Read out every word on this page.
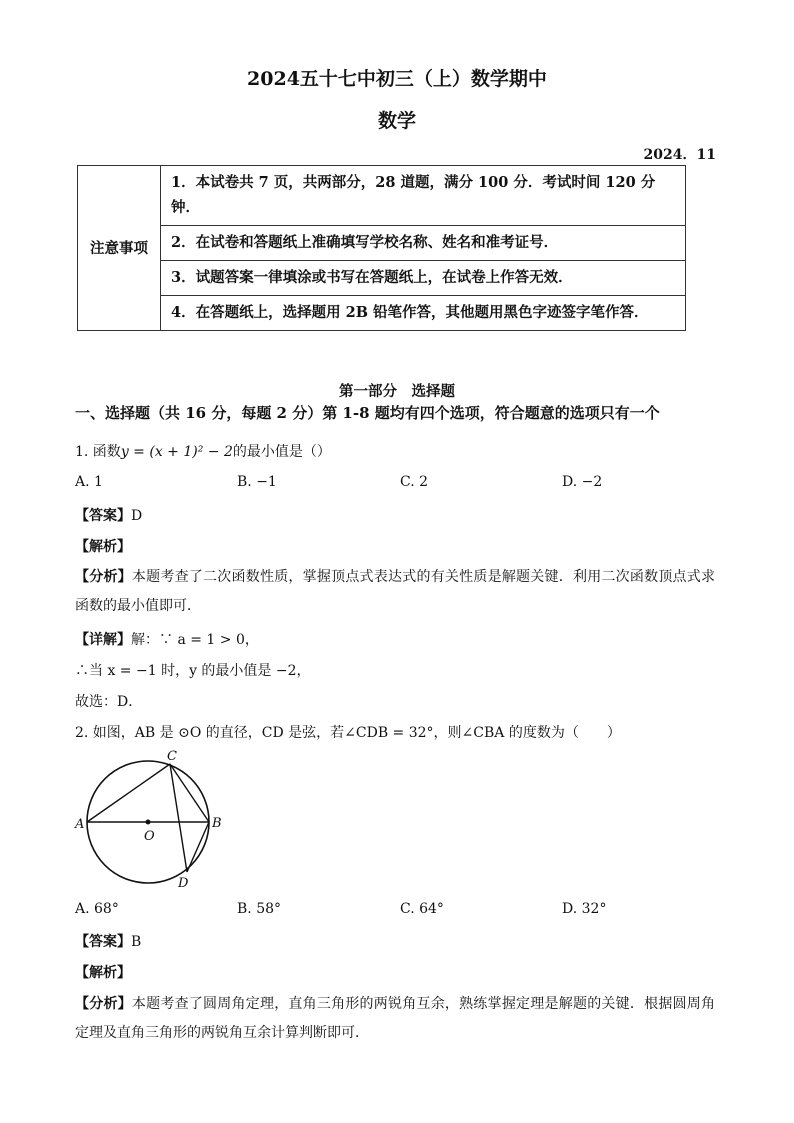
2024五十七中初三（上）数学期中
数学
2024．11
注意事项	1．本试卷共 7 页，共两部分，28 道题，满分 100 分．考试时间 120 分钟．
2．在试卷和答题纸上准确填写学校名称、姓名和准考证号．
3．试题答案一律填涂或书写在答题纸上，在试卷上作答无效．
4．在答题纸上，选择题用 2B 铅笔作答，其他题用黑色字迹签字笔作答．
第一部分　选择题
一、选择题（共 16 分，每题 2 分）第 1-8 题均有四个选项，符合题意的选项只有一个
1. 函数y = (x + 1)² − 2的最小值是（）
A. 1	B. −1	C. 2	D. −2
【答案】D
【解析】
【分析】本题考查了二次函数性质，掌握顶点式表达式的有关性质是解题关键．利用二次函数顶点式求函数的最小值即可．
【详解】解：∵ a = 1 > 0，
∴当 x = −1 时，y 的最小值是 −2，
故选：D．
2. 如图，AB 是 ⊙O 的直径，CD 是弦，若∠CDB = 32°，则∠CBA 的度数为（　　）
A	B
C
D
O
A. 68°	B. 58°	C. 64°	D. 32°
【答案】B
【解析】
【分析】本题考查了圆周角定理，直角三角形的两锐角互余，熟练掌握定理是解题的关键．根据圆周角定理及直角三角形的两锐角互余计算判断即可．
